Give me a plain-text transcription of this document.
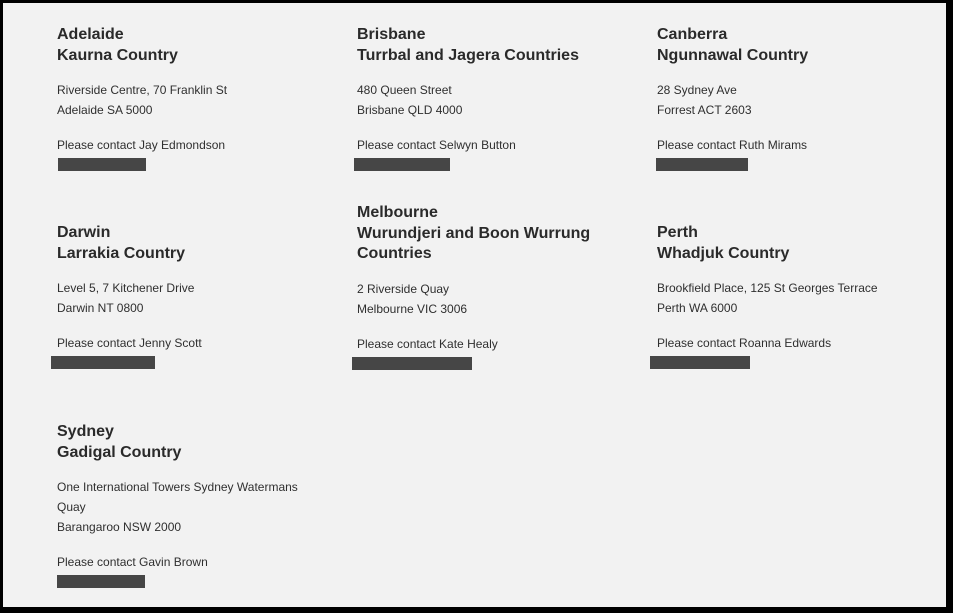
Adelaide
Kaurna Country
Riverside Centre, 70 Franklin St
Adelaide SA 5000
Please contact Jay Edmondson
Brisbane
Turrbal and Jagera Countries
480 Queen Street
Brisbane QLD 4000
Please contact Selwyn Button
Canberra
Ngunnawal Country
28 Sydney Ave
Forrest ACT 2603
Please contact Ruth Mirams
Darwin
Larrakia Country
Level 5, 7 Kitchener Drive
Darwin NT 0800
Please contact Jenny Scott
Melbourne
Wurundjeri and Boon Wurrung Countries
2 Riverside Quay
Melbourne VIC 3006
Please contact Kate Healy
Perth
Whadjuk Country
Brookfield Place, 125 St Georges Terrace
Perth WA 6000
Please contact Roanna Edwards
Sydney
Gadigal Country
One International Towers Sydney Watermans Quay
Barangaroo NSW 2000
Please contact Gavin Brown
